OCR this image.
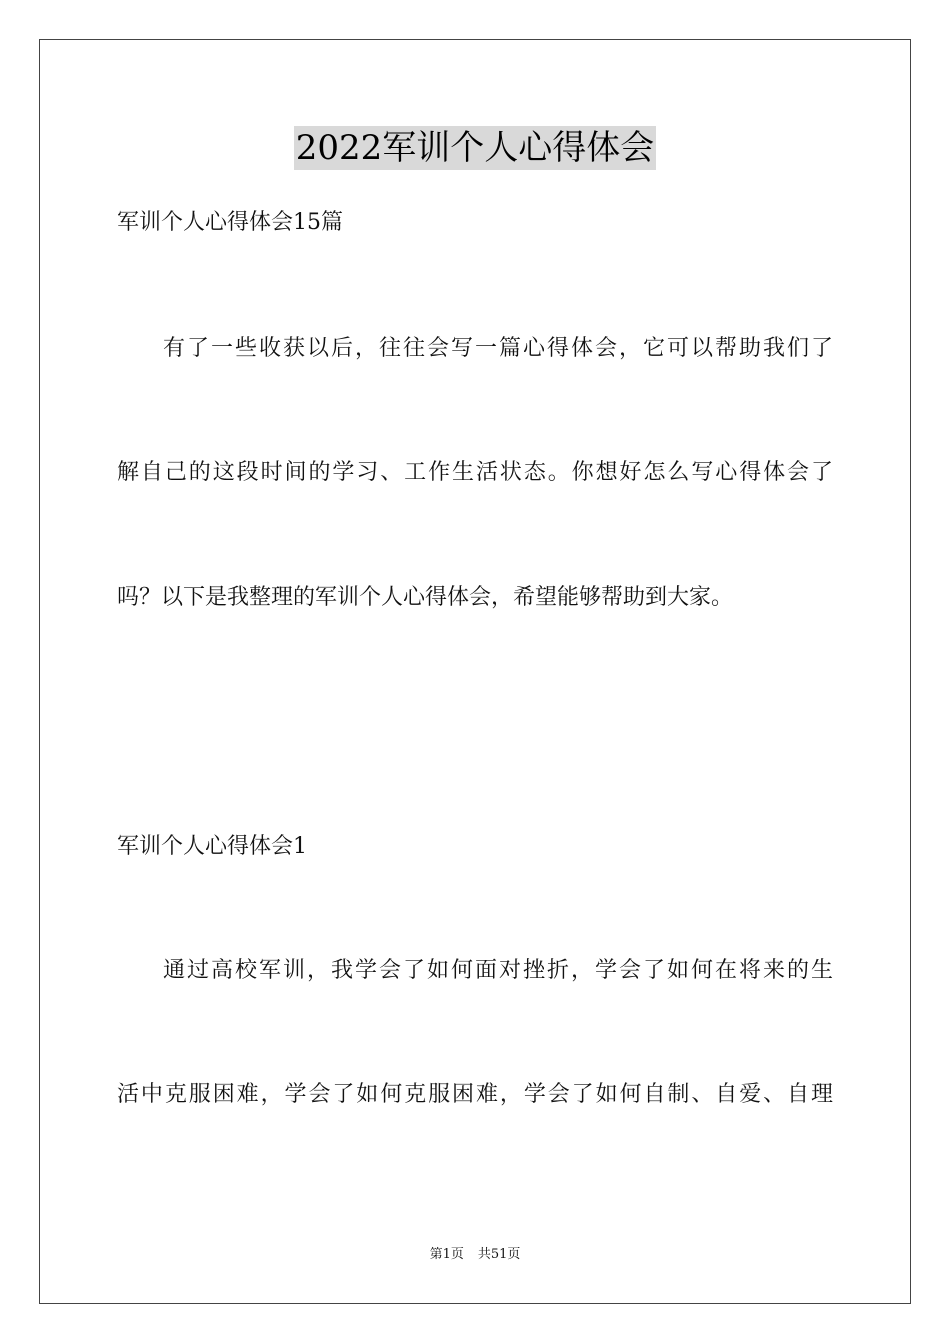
2022军训个人心得体会
军训个人心得体会15篇
有了一些收获以后，往往会写一篇心得体会，它可以帮助我们了
解自己的这段时间的学习、工作生活状态。你想好怎么写心得体会了
吗？以下是我整理的军训个人心得体会，希望能够帮助到大家。
军训个人心得体会1
通过高校军训，我学会了如何面对挫折，学会了如何在将来的生
活中克服困难，学会了如何克服困难，学会了如何自制、自爱、自理
第1页 共51页
